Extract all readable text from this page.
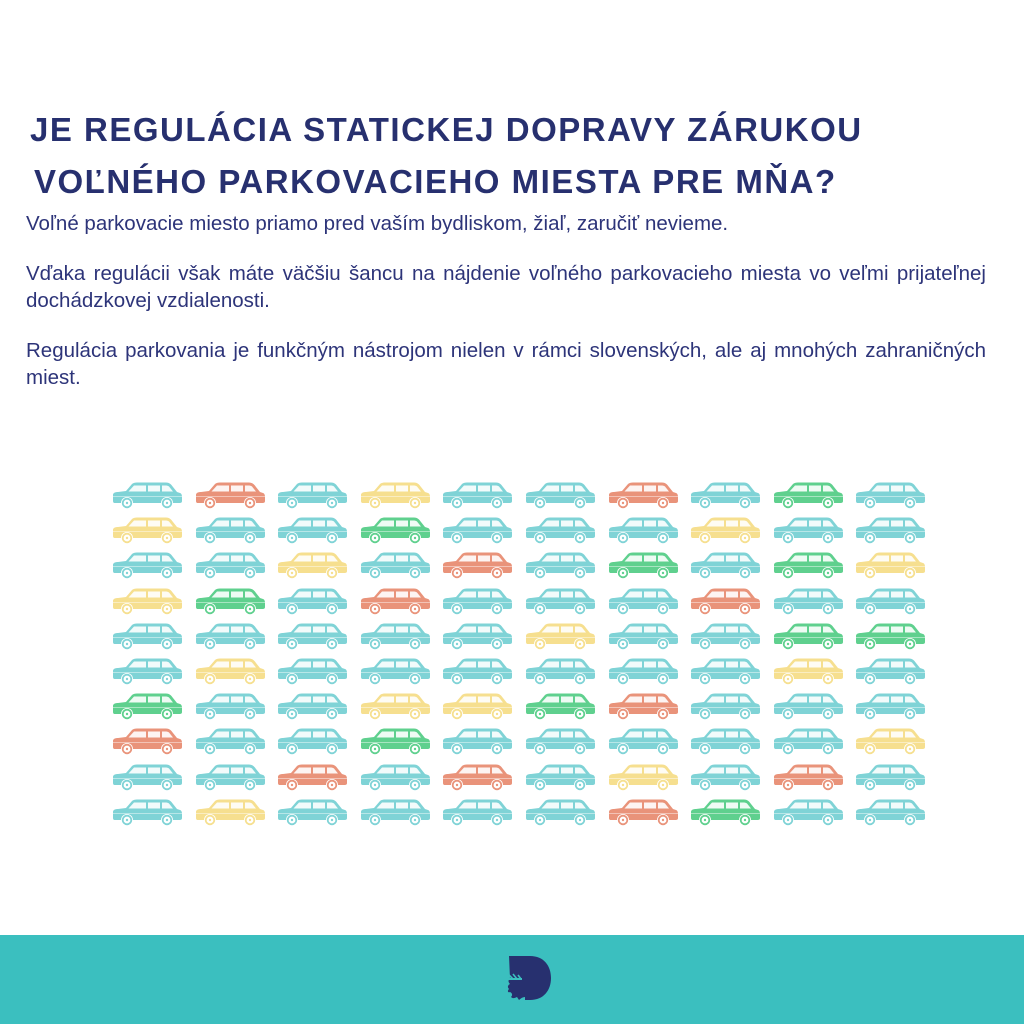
JE REGULÁCIA STATICKEJ DOPRAVY ZÁRUKOU
VOĽNÉHO PARKOVACIEHO MIESTA PRE MŇA?

Voľné parkovacie miesto priamo pred vaším bydliskom, žiaľ, zaručiť nevieme.

Vďaka regulácii však máte väčšiu šancu na nájdenie voľného parkovacieho miesta vo veľmi prijateľnej dochádzkovej vzdialenosti.

Regulácia parkovania je funkčným nástrojom nielen v rámci slovenských, ale aj mnohých zahraničných miest.
